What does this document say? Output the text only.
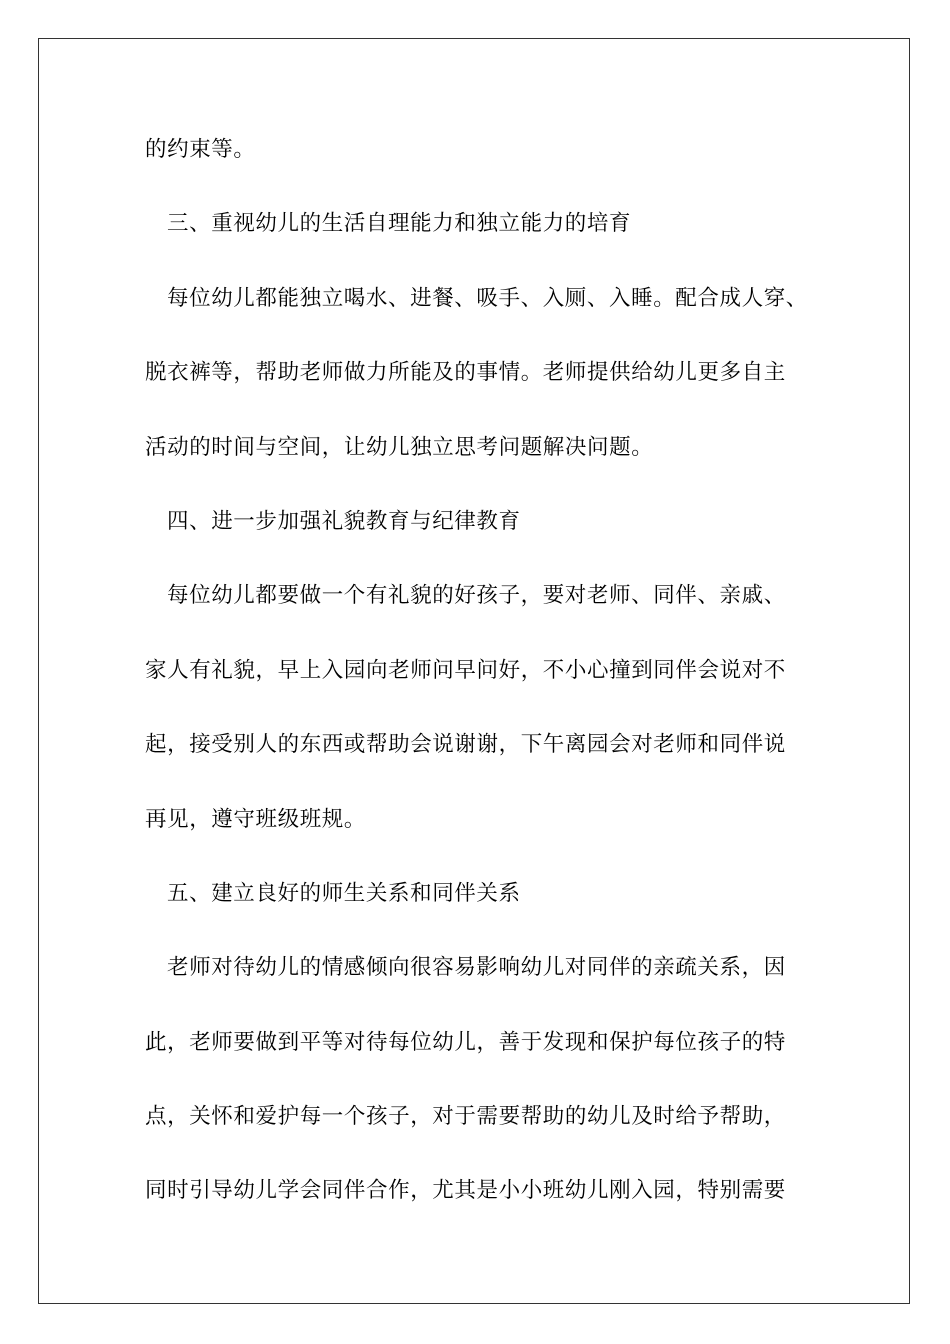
的约束等。
三、重视幼儿的生活自理能力和独立能力的培育
每位幼儿都能独立喝水、进餐、吸手、入厕、入睡。配合成人穿、
脱衣裤等，帮助老师做力所能及的事情。老师提供给幼儿更多自主
活动的时间与空间，让幼儿独立思考问题解决问题。
四、进一步加强礼貌教育与纪律教育
每位幼儿都要做一个有礼貌的好孩子，要对老师、同伴、亲戚、
家人有礼貌，早上入园向老师问早问好，不小心撞到同伴会说对不
起，接受别人的东西或帮助会说谢谢，下午离园会对老师和同伴说
再见，遵守班级班规。
五、建立良好的师生关系和同伴关系
老师对待幼儿的情感倾向很容易影响幼儿对同伴的亲疏关系，因
此，老师要做到平等对待每位幼儿，善于发现和保护每位孩子的特
点，关怀和爱护每一个孩子，对于需要帮助的幼儿及时给予帮助，
同时引导幼儿学会同伴合作，尤其是小小班幼儿刚入园，特别需要
